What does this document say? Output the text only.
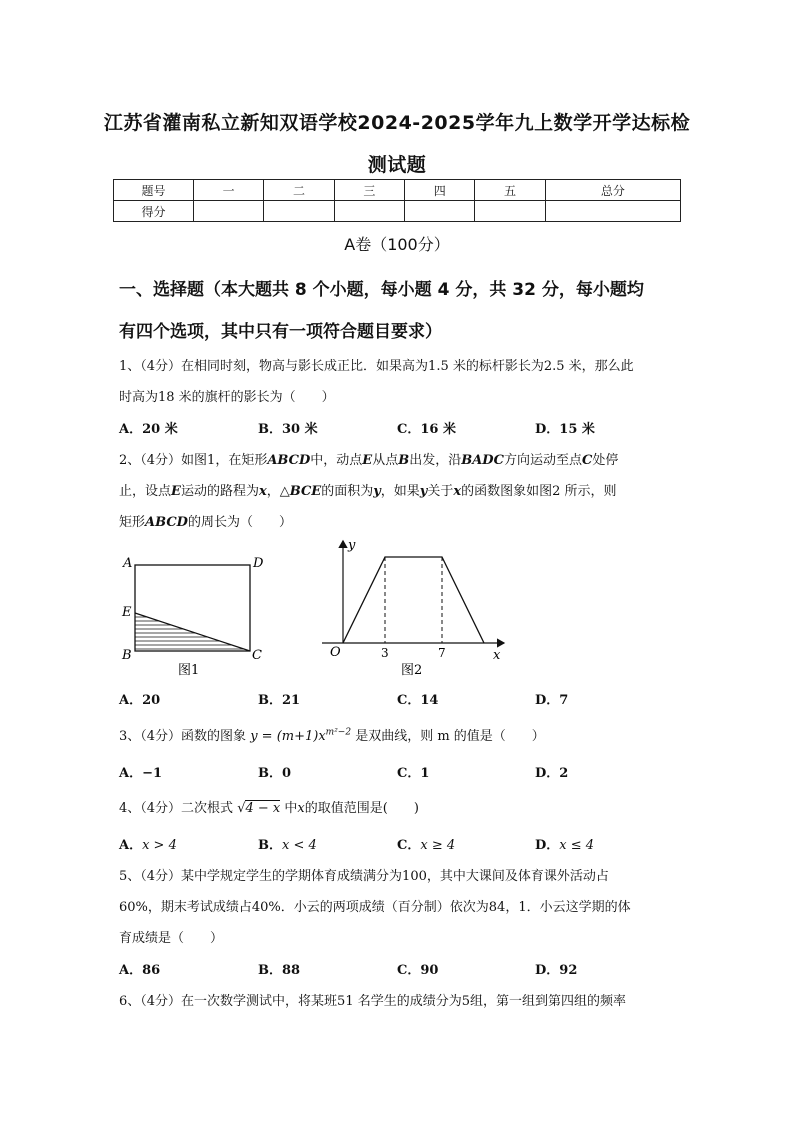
江苏省灌南私立新知双语学校2024-2025学年九上数学开学达标检
测试题
题号	一	二	三	四	五	总分
得分						
A卷（100分）
一、选择题（本大题共 8 个小题，每小题 4 分，共 32 分，每小题均
有四个选项，其中只有一项符合题目要求）
1、（4分）在相同时刻，物高与影长成正比．如果高为1.5 米的标杆影长为2.5 米，那么此
时高为18 米的旗杆的影长为（　　）
A．20 米	B．30 米	C．16 米	D．15 米
2、（4分）如图1，在矩形ABCD中，动点E从点B出发，沿BADC方向运动至点C处停
止，设点E运动的路程为x，△BCE的面积为y，如果y关于x的函数图象如图2 所示，则
矩形ABCD的周长为（　　）
A	D
E
B	C
图1
y
O	x
3	7
图2
A．20	B．21	C．14	D．7
3、（4分）函数的图象 $y = (m+1)x^{m^2-2}$ 是双曲线，则 m 的值是（　　）
A．−1	B．0	C．1	D．2
4、（4分）二次根式 √4 − x 中x的取值范围是(　　)
A．x > 4	B．x < 4	C．x ≥ 4	D．x ≤ 4
5、（4分）某中学规定学生的学期体育成绩满分为100，其中大课间及体育课外活动占
60%，期末考试成绩占40%．小云的两项成绩（百分制）依次为84，1．小云这学期的体
育成绩是（　　）
A．86	B．88	C．90	D．92
6、（4分）在一次数学测试中，将某班51 名学生的成绩分为5组，第一组到第四组的频率
